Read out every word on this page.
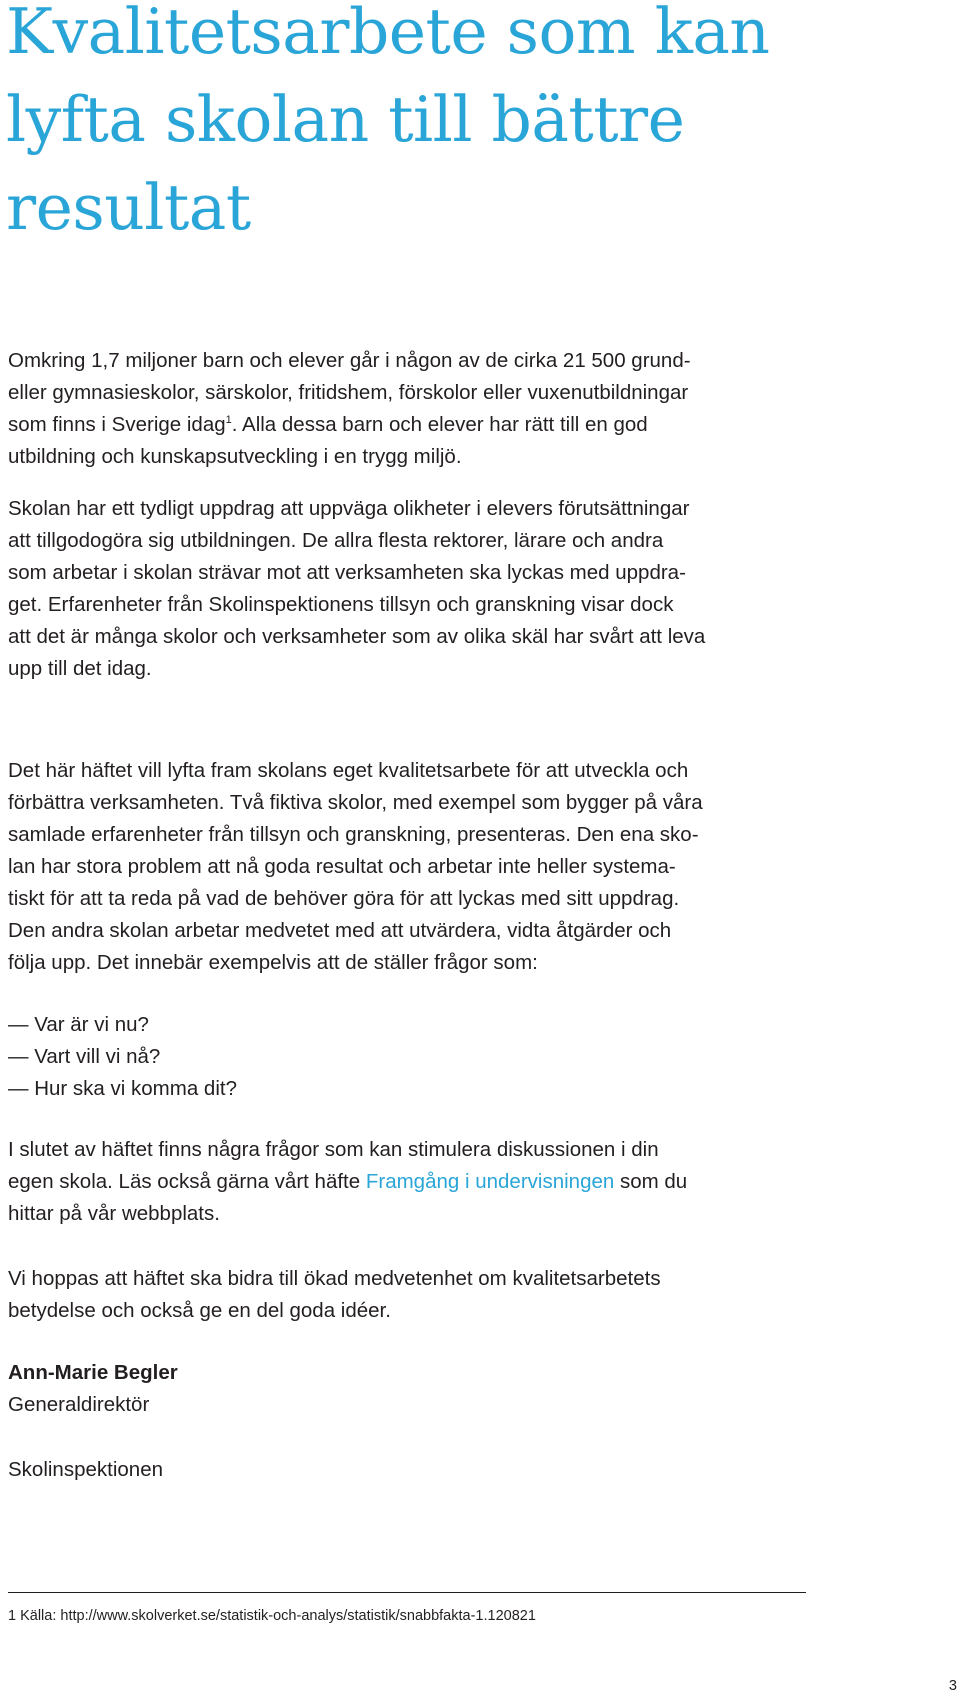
Kvalitetsarbete som kan
lyfta skolan till bättre
resultat

Omkring 1,7 miljoner barn och elever går i någon av de cirka 21 500 grund-
eller gymnasieskolor, särskolor, fritidshem, förskolor eller vuxenutbildningar
som finns i Sverige idag$^1$. Alla dessa barn och elever har rätt till en god
utbildning och kunskapsutveckling i en trygg miljö.

Skolan har ett tydligt uppdrag att uppväga olikheter i elevers förutsättningar
att tillgodogöra sig utbildningen. De allra flesta rektorer, lärare och andra
som arbetar i skolan strävar mot att verksamheten ska lyckas med uppdra-
get. Erfarenheter från Skolinspektionens tillsyn och granskning visar dock
att det är många skolor och verksamheter som av olika skäl har svårt att leva
upp till det idag.

Det här häftet vill lyfta fram skolans eget kvalitetsarbete för att utveckla och
förbättra verksamheten. Två fiktiva skolor, med exempel som bygger på våra
samlade erfarenheter från tillsyn och granskning, presenteras. Den ena sko-
lan har stora problem att nå goda resultat och arbetar inte heller systema-
tiskt för att ta reda på vad de behöver göra för att lyckas med sitt uppdrag.
Den andra skolan arbetar medvetet med att utvärdera, vidta åtgärder och
följa upp. Det innebär exempelvis att de ställer frågor som:

— Var är vi nu?
— Vart vill vi nå?
— Hur ska vi komma dit?

I slutet av häftet finns några frågor som kan stimulera diskussionen i din
egen skola. Läs också gärna vårt häfte Framgång i undervisningen som du
hittar på vår webbplats.

Vi hoppas att häftet ska bidra till ökad medvetenhet om kvalitetsarbetets
betydelse och också ge en del goda idéer.

Ann-Marie Begler
Generaldirektör

Skolinspektionen

1 Källa: http://www.skolverket.se/statistik-och-analys/statistik/snabbfakta-1.120821
3
